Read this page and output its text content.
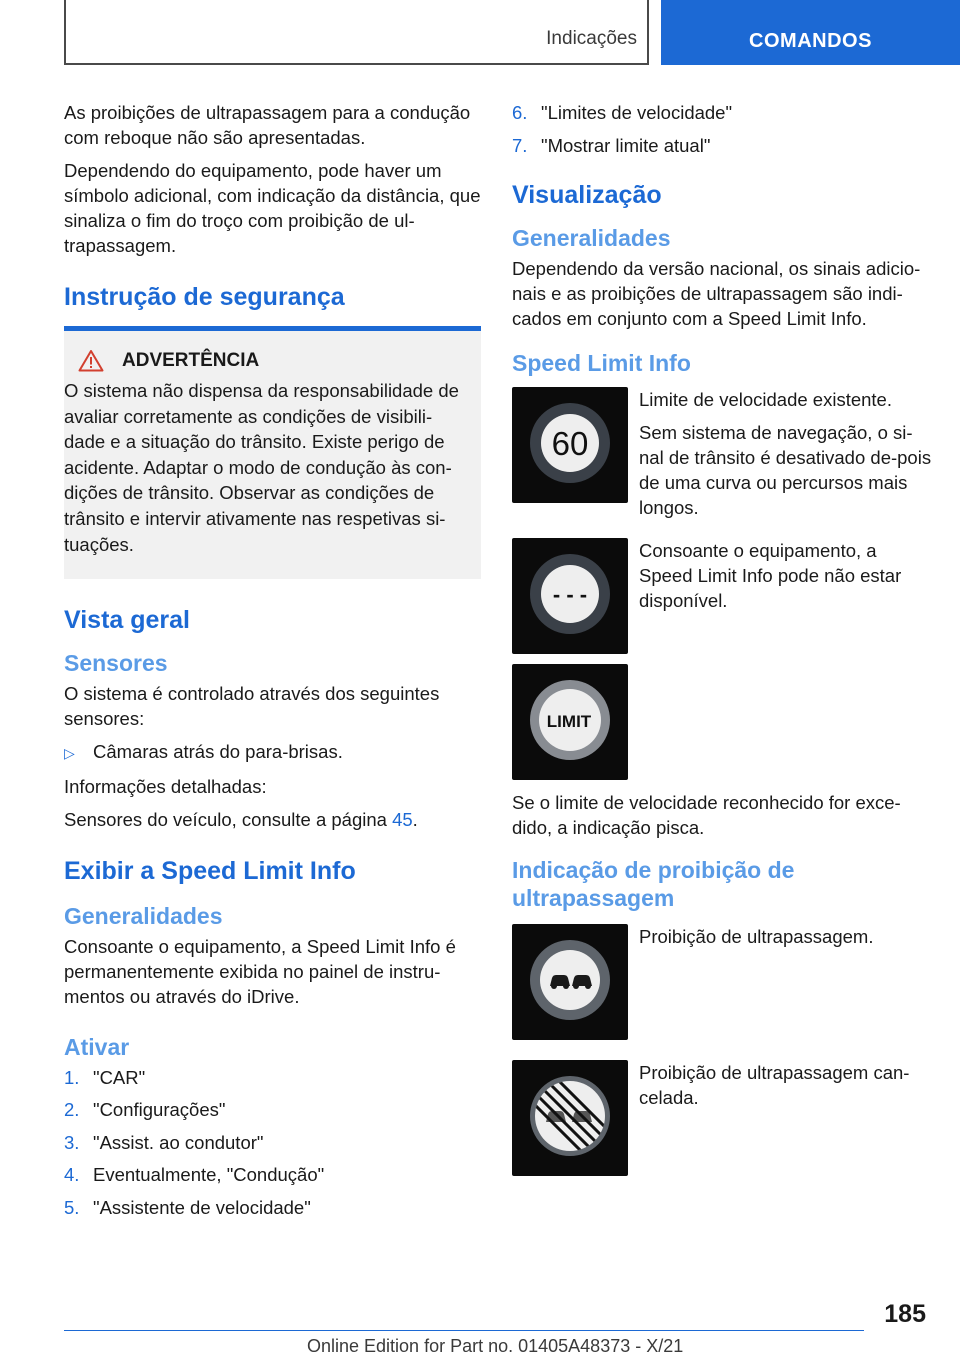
Indicações	COMANDOS

As proibições de ultrapassagem para a condução com reboque não são apresentadas.

Dependendo do equipamento, pode haver um símbolo adicional, com indicação da distância, que sinaliza o fim do troço com proibição de ul‐trapassagem.

Instrução de segurança
ADVERTÊNCIA

O sistema não dispensa da responsabilidade de avaliar corretamente as condições de visibili‐dade e a situação do trânsito. Existe perigo de acidente. Adaptar o modo de condução às con‐dições de trânsito. Observar as condições de trânsito e intervir ativamente nas respetivas si‐tuações.

Vista geral
Sensores

O sistema é controlado através dos seguintes sensores:

▷ Câmaras atrás do para-brisas.

Informações detalhadas:

Sensores do veículo, consulte a página 45.

Exibir a Speed Limit Info
Generalidades

Consoante o equipamento, a Speed Limit Info é permanentemente exibida no painel de instru‐mentos ou através do iDrive.

Ativar
1. "CAR"
2. "Configurações"
3. "Assist. ao condutor"
4. Eventualmente, "Condução"
5. "Assistente de velocidade"
6. "Limites de velocidade"
7. "Mostrar limite atual"
Visualização
Generalidades

Dependendo da versão nacional, os sinais adicio‐nais e as proibições de ultrapassagem são indi‐cados em conjunto com a Speed Limit Info.

Speed Limit Info
60

Limite de velocidade existente.

Sem sistema de navegação, o si‐nal de trânsito é desativado de‐pois de uma curva ou percursos mais longos.

- - -

Consoante o equipamento, a Speed Limit Info pode não estar disponível.

LIMIT

Se o limite de velocidade reconhecido for exce‐dido, a indicação pisca.

Indicação de proibição de ultrapassagem

Proibição de ultrapassagem.

Proibição de ultrapassagem can‐celada.

185
Online Edition for Part no. 01405A48373 - X/21
